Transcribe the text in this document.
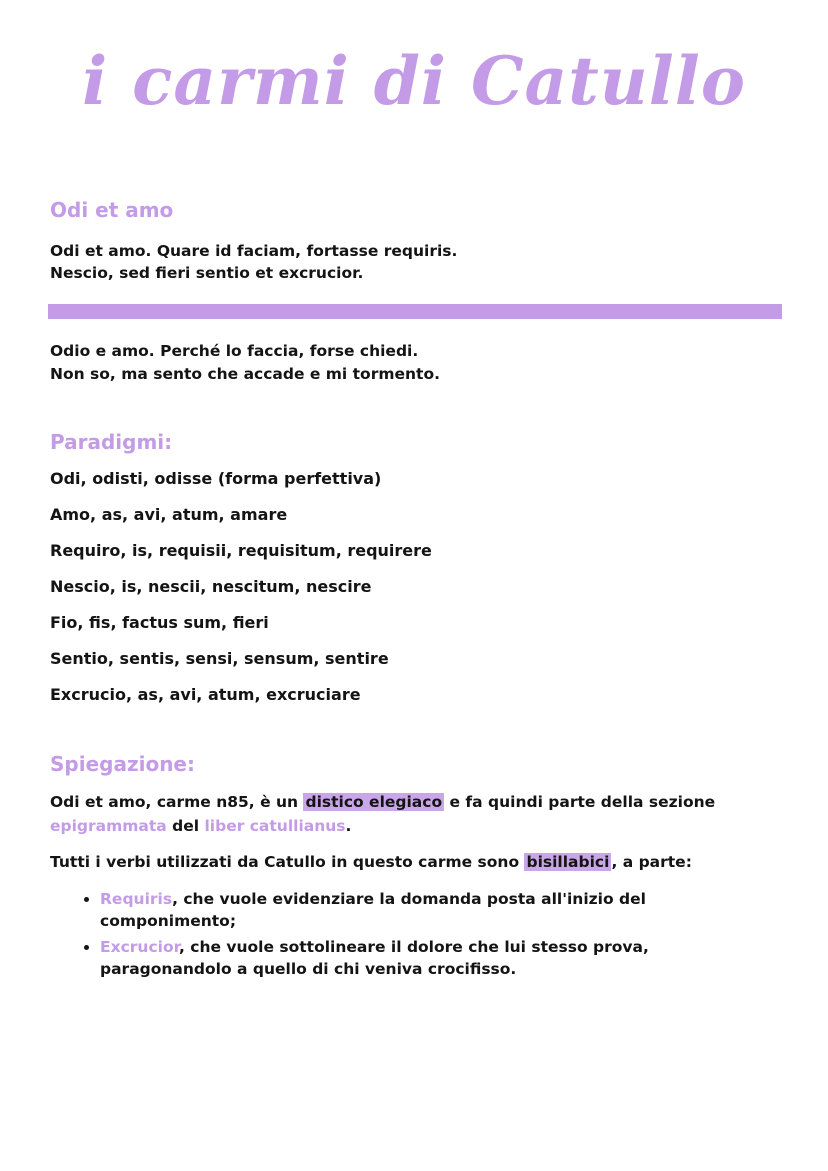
i carmi di Catullo
Odi et amo
Odi et amo. Quare id faciam, fortasse requiris.
Nescio, sed fieri sentio et excrucior.
Odio e amo. Perché lo faccia, forse chiedi.
Non so, ma sento che accade e mi tormento.
Paradigmi:
Odi, odisti, odisse (forma perfettiva)
Amo, as, avi, atum, amare
Requiro, is, requisii, requisitum, requirere
Nescio, is, nescii, nescitum, nescire
Fio, fis, factus sum, fieri
Sentio, sentis, sensi, sensum, sentire
Excrucio, as, avi, atum, excruciare
Spiegazione:
Odi et amo, carme n85, è un distico elegiaco e fa quindi parte della sezione
epigrammata del liber catullianus.
Tutti i verbi utilizzati da Catullo in questo carme sono bisillabici , a parte:
• Requiris, che vuole evidenziare la domanda posta all'inizio del componimento;
• Excrucior, che vuole sottolineare il dolore che lui stesso prova, paragonandolo a quello di chi veniva crocifisso.
